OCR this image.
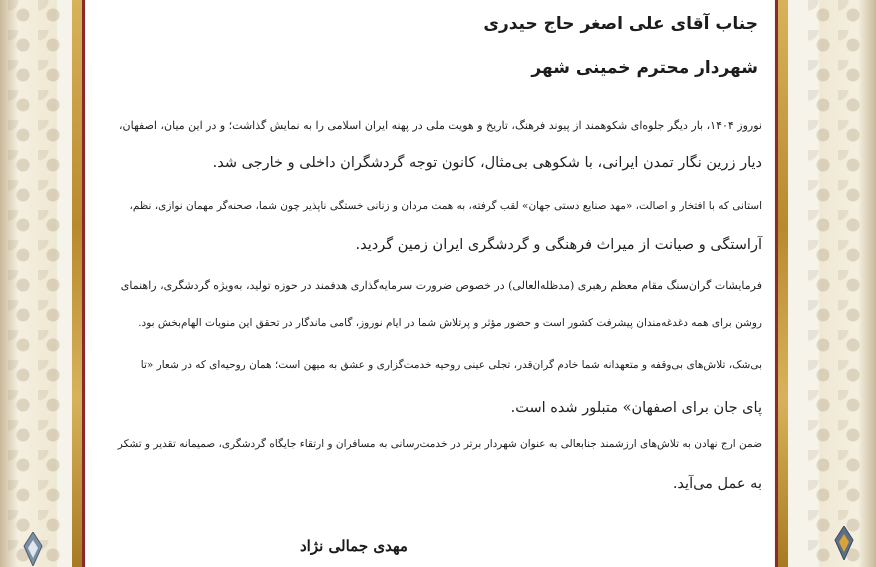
جناب آقای علی اصغر حاج حیدری
شهردار محترم خمینی شهر
نوروز ۱۴۰۴، بار دیگر جلوه‌ای شکوهمند از پیوند فرهنگ، تاریخ و هویت ملی در پهنه ایران اسلامی را به نمایش گذاشت؛ و در این میان، اصفهان،
دیار زرین نگار تمدن ایرانی، با شکوهی بی‌مثال، کانون توجه گردشگران داخلی و خارجی شد.
استانی که با افتخار و اصالت، «مهد صنایع دستی جهان» لقب گرفته، به همت مردان و زنانی خستگی ناپذیر چون شما، صحنه‌گر مهمان نوازی، نظم،
آراستگی و صیانت از میراث فرهنگی و گردشگری ایران زمین گردید.
فرمایشات گران‌سنگ مقام معظم رهبری (مدظله‌العالی) در خصوص ضرورت سرمایه‌گذاری هدفمند در حوزه تولید، به‌ویژه گردشگری، راهنمای
روشن برای همه دغدغه‌مندان پیشرفت کشور است و حضور مؤثر و پرتلاش شما در ایام نوروز، گامی ماندگار در تحقق این منویات الهام‌بخش بود.
بی‌شک، تلاش‌های بی‌وقفه و متعهدانه شما خادم گران‌قدر، تجلی عینی روحیه خدمت‌گزاری و عشق به میهن است؛ همان روحیه‌ای که در شعار «تا
پای جان برای اصفهان» متبلور شده است.
ضمن ارج نهادن به تلاش‌های ارزشمند جنابعالی به عنوان شهردار برتر در خدمت‌رسانی به مسافران و ارتقاء جایگاه گردشگری، صمیمانه تقدیر و تشکر
به عمل می‌آید.
مهدی جمالی نژاد
